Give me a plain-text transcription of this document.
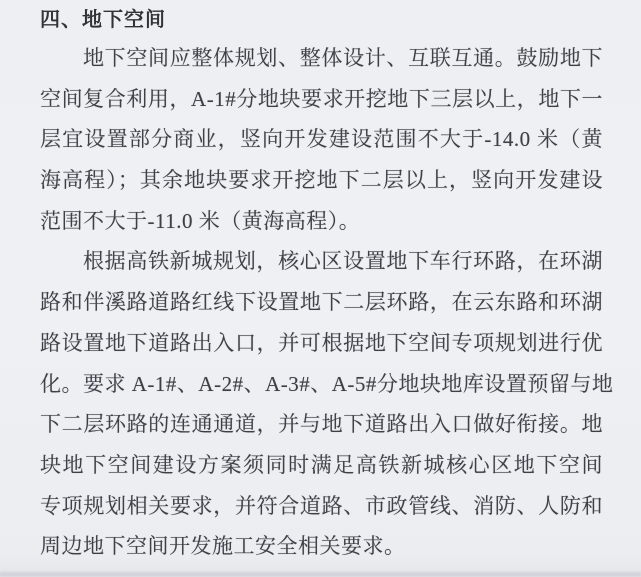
四、地下空间
地下空间应整体规划、整体设计、互联互通。鼓励地下
空间复合利用，A-1#分地块要求开挖地下三层以上，地下一
层宜设置部分商业，竖向开发建设范围不大于-14.0 米（黄
海高程）；其余地块要求开挖地下二层以上，竖向开发建设
范围不大于-11.0 米（黄海高程）。
根据高铁新城规划，核心区设置地下车行环路，在环湖
路和伴溪路道路红线下设置地下二层环路，在云东路和环湖
路设置地下道路出入口，并可根据地下空间专项规划进行优
化。要求 A-1#、A-2#、A-3#、A-5#分地块地库设置预留与地
下二层环路的连通通道，并与地下道路出入口做好衔接。地
块地下空间建设方案须同时满足高铁新城核心区地下空间
专项规划相关要求，并符合道路、市政管线、消防、人防和
周边地下空间开发施工安全相关要求。
